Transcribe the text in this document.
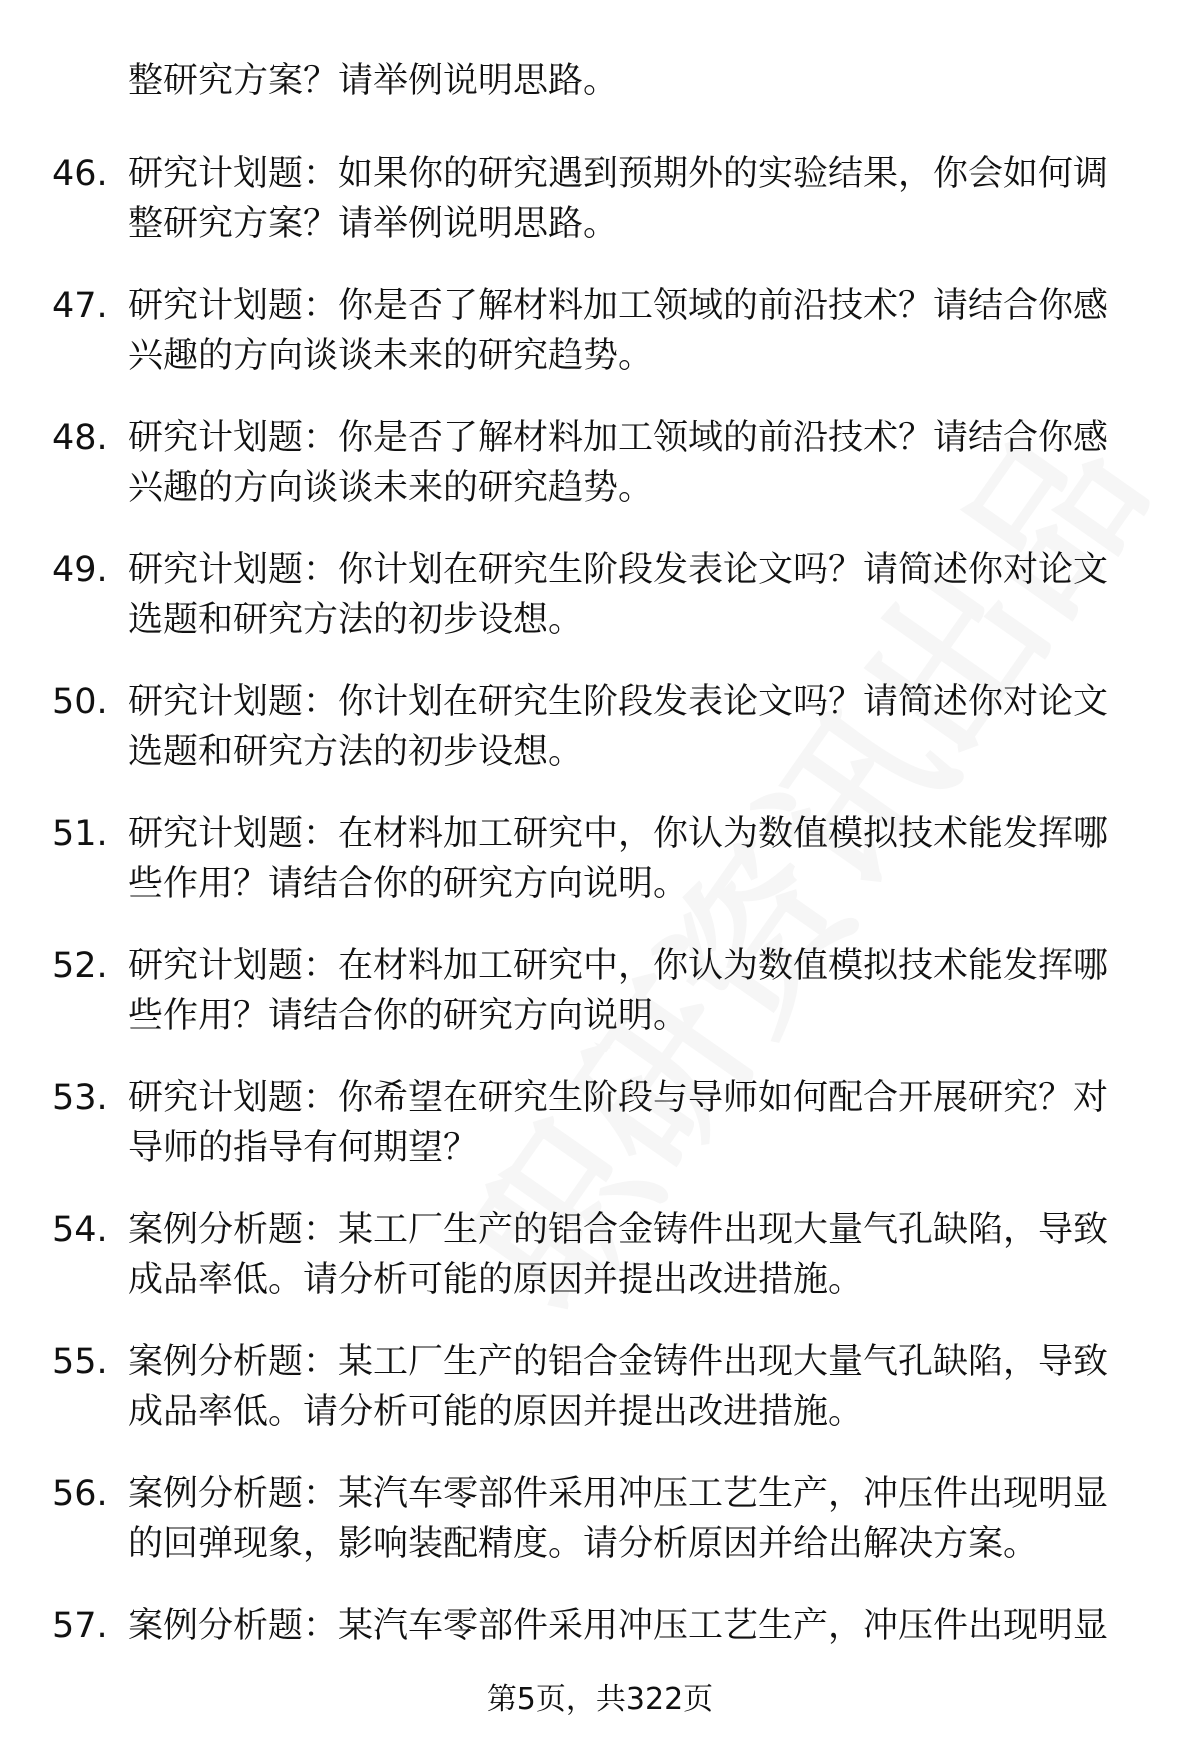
整研究方案？请举例说明思路。
46. 研究计划题：如果你的研究遇到预期外的实验结果，你会如何调
整研究方案？请举例说明思路。
47. 研究计划题：你是否了解材料加工领域的前沿技术？请结合你感
兴趣的方向谈谈未来的研究趋势。
48. 研究计划题：你是否了解材料加工领域的前沿技术？请结合你感
兴趣的方向谈谈未来的研究趋势。
49. 研究计划题：你计划在研究生阶段发表论文吗？请简述你对论文
选题和研究方法的初步设想。
50. 研究计划题：你计划在研究生阶段发表论文吗？请简述你对论文
选题和研究方法的初步设想。
51. 研究计划题：在材料加工研究中，你认为数值模拟技术能发挥哪
些作用？请结合你的研究方向说明。
52. 研究计划题：在材料加工研究中，你认为数值模拟技术能发挥哪
些作用？请结合你的研究方向说明。
53. 研究计划题：你希望在研究生阶段与导师如何配合开展研究？对
导师的指导有何期望？
54. 案例分析题：某工厂生产的铝合金铸件出现大量气孔缺陷，导致
成品率低。请分析可能的原因并提出改进措施。
55. 案例分析题：某工厂生产的铝合金铸件出现大量气孔缺陷，导致
成品率低。请分析可能的原因并提出改进措施。
56. 案例分析题：某汽车零部件采用冲压工艺生产，冲压件出现明显
的回弹现象，影响装配精度。请分析原因并给出解决方案。
57. 案例分析题：某汽车零部件采用冲压工艺生产，冲压件出现明显
第5页，共322页
